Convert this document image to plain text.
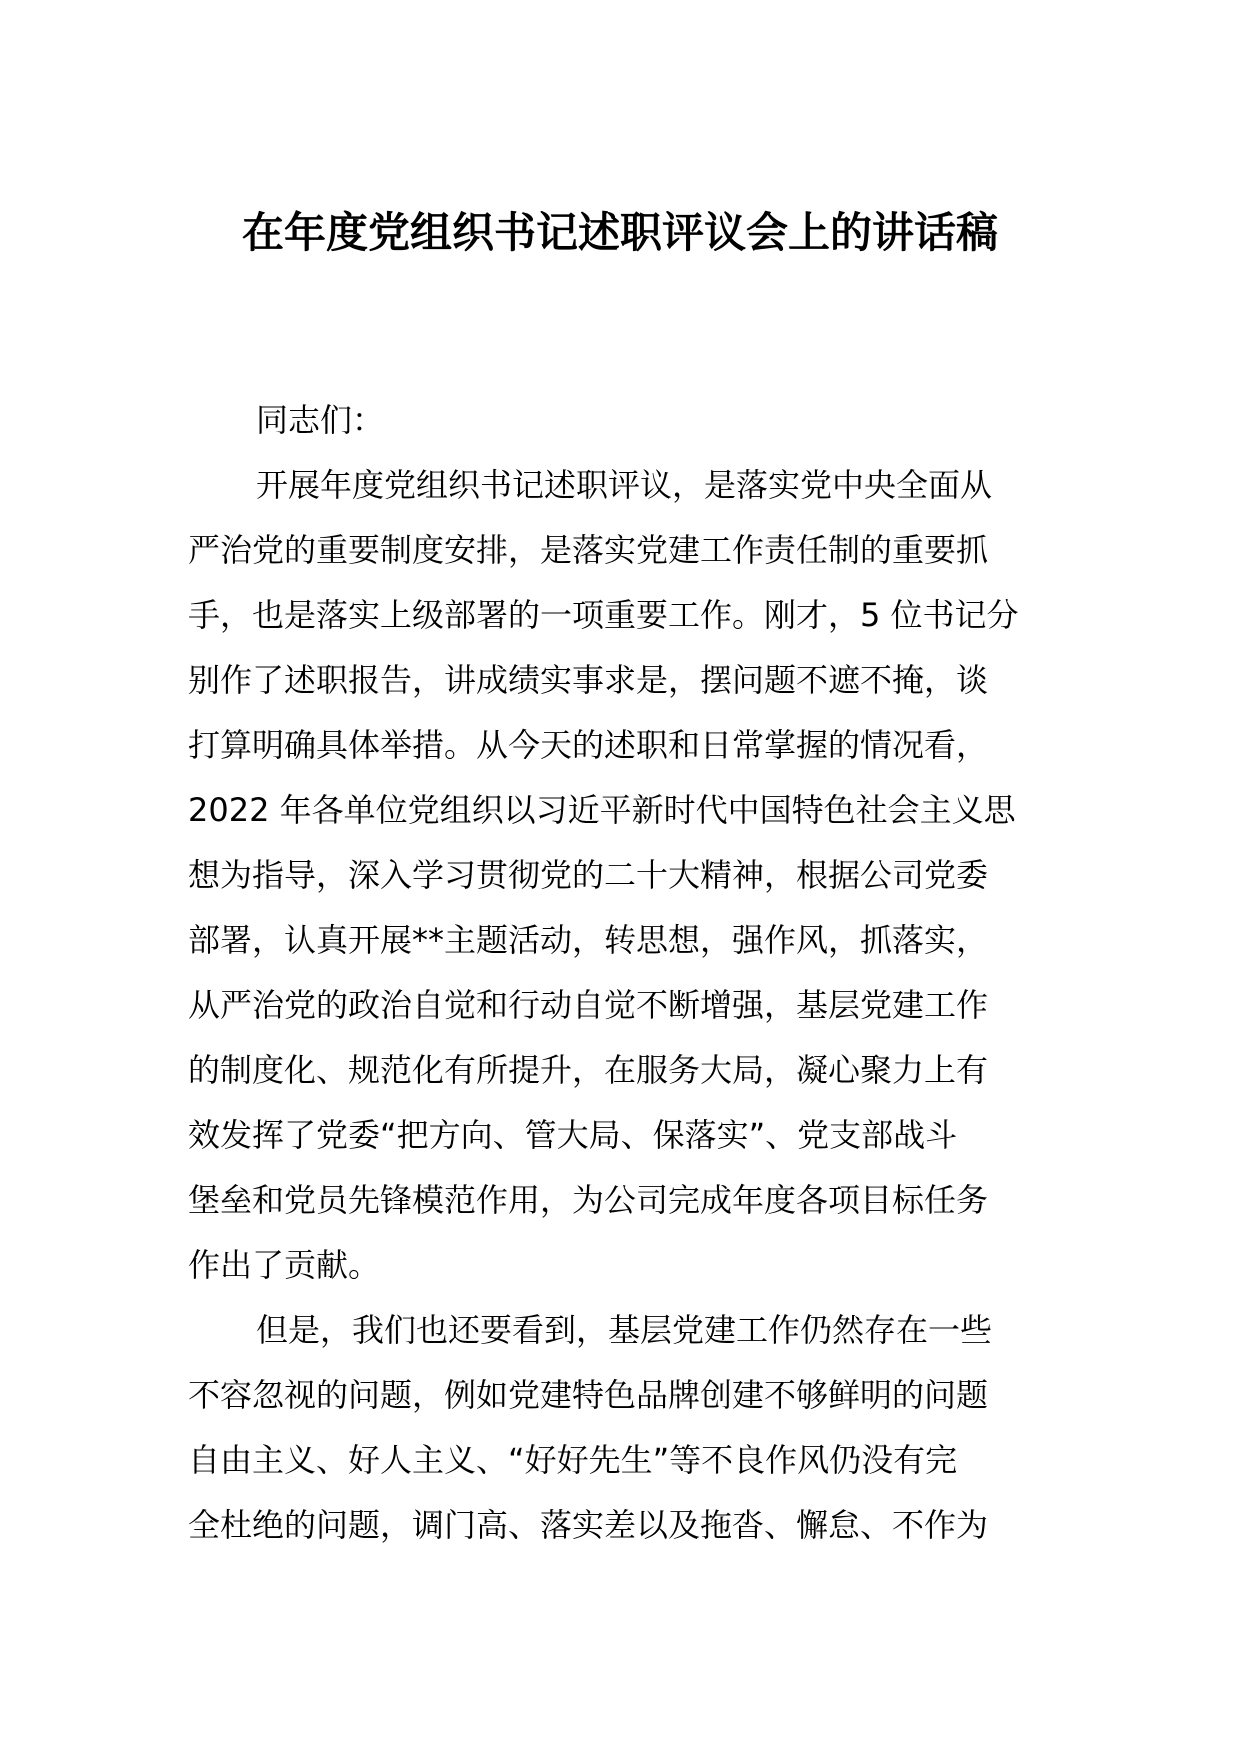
在年度党组织书记述职评议会上的讲话稿
同志们：
开展年度党组织书记述职评议，是落实党中央全面从
严治党的重要制度安排，是落实党建工作责任制的重要抓
手，也是落实上级部署的一项重要工作。刚才，5 位书记分
别作了述职报告，讲成绩实事求是，摆问题不遮不掩，谈
打算明确具体举措。从今天的述职和日常掌握的情况看，
2022 年各单位党组织以习近平新时代中国特色社会主义思
想为指导，深入学习贯彻党的二十大精神，根据公司党委
部署，认真开展**主题活动，转思想，强作风，抓落实，
从严治党的政治自觉和行动自觉不断增强，基层党建工作
的制度化、规范化有所提升，在服务大局，凝心聚力上有
效发挥了党委“把方向、管大局、保落实”、党支部战斗
堡垒和党员先锋模范作用，为公司完成年度各项目标任务
作出了贡献。
但是，我们也还要看到，基层党建工作仍然存在一些
不容忽视的问题，例如党建特色品牌创建不够鲜明的问题
自由主义、好人主义、“好好先生”等不良作风仍没有完
全杜绝的问题，调门高、落实差以及拖沓、懈怠、不作为
